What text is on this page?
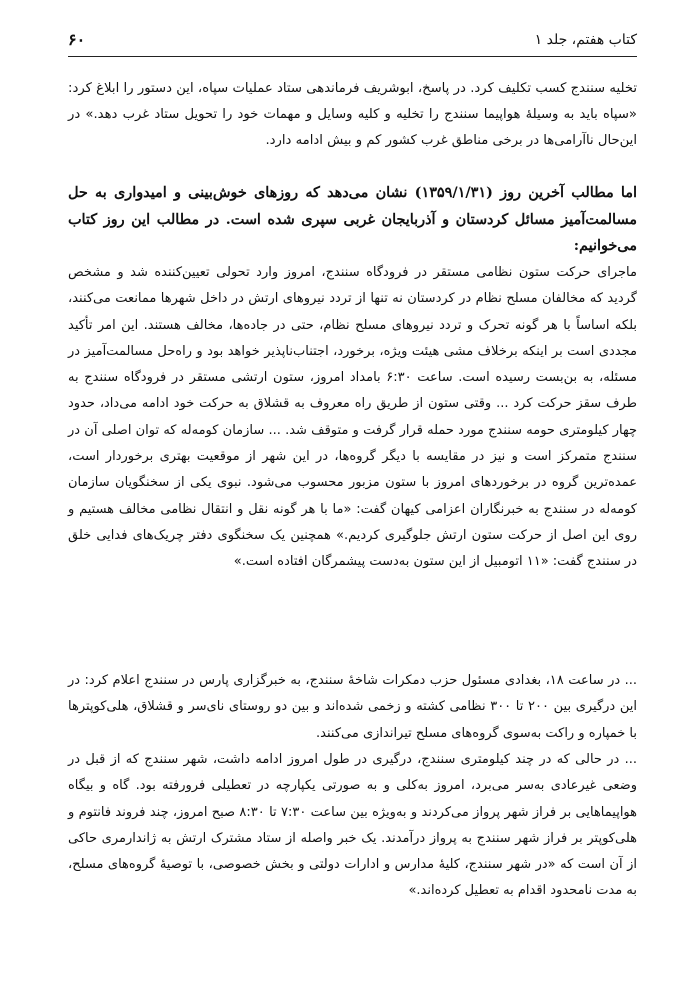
کتاب هفتم، جلد ۱
۶۰

تخلیه سنندج کسب تکلیف کرد. در پاسخ، ابوشریف فرماندهی ستاد عملیات سپاه، این دستور را ابلاغ کرد: «سپاه باید به وسیلۀ هواپیما سنندج را تخلیه و کلیه وسایل و مهمات خود را تحویل ستاد غرب دهد.» در این‌حال ناآرامی‌ها در برخی مناطق غرب کشور کم و بیش ادامه دارد.

اما مطالب آخرین روز (۱۳۵۹/۱/۳۱) نشان می‌دهد که روزهای خوش‌بینی و امیدواری به حل مسالمت‌آمیز مسائل کردستان و آذربایجان غربی سپری شده است. در مطالب این روز کتاب می‌خوانیم:

ماجرای حرکت ستون نظامی مستقر در فرودگاه سنندج، امروز وارد تحولی تعیین‌کننده شد و مشخص گردید که مخالفان مسلح نظام در کردستان نه تنها از تردد نیروهای ارتش در داخل شهرها ممانعت می‌کنند، بلکه اساساً با هر گونه تحرک و تردد نیروهای مسلح نظام، حتی در جاده‌ها، مخالف هستند. این امر تأکید مجددی است بر اینکه برخلاف مشی هیئت ویژه، برخورد، اجتناب‌ناپذیر خواهد بود و راه‌حل مسالمت‌آمیز در مسئله، به بن‌بست رسیده است. ساعت ۶:۳۰ بامداد امروز، ستون ارتشی مستقر در فرودگاه سنندج به طرف سقز حرکت کرد ... وقتی ستون از طریق راه معروف به قشلاق به حرکت خود ادامه می‌داد، حدود چهار کیلومتری حومه سنندج مورد حمله قرار گرفت و متوقف شد. ... سازمان کومه‌له که توان اصلی آن در سنندج متمرکز است و نیز در مقایسه با دیگر گروه‌ها، در این شهر از موقعیت بهتری برخوردار است، عمده‌ترین گروه در برخوردهای امروز با ستون مزبور محسوب می‌شود. نبوی یکی از سخنگویان سازمان کومه‌له در سنندج به خبرنگاران اعزامی کیهان گفت: «ما با هر گونه نقل و انتقال نظامی مخالف هستیم و روی این اصل از حرکت ستون ارتش جلوگیری کردیم.» همچنین یک سخنگوی دفتر چریک‌های فدایی خلق در سنندج گفت: «۱۱ اتومبیل از این ستون به‌دست پیشمرگان افتاده است.»

... در ساعت ۱۸، بغدادی مسئول حزب دمکرات شاخۀ سنندج، به خبرگزاری پارس در سنندج اعلام کرد: در این درگیری بین ۲۰۰ تا ۳۰۰ نظامی کشته و زخمی شده‌اند و بین دو روستای نای‌سر و قشلاق، هلی‌کوپترها با خمپاره و راکت به‌سوی گروه‌های مسلح تیراندازی می‌کنند.

... در حالی که در چند کیلومتری سنندج، درگیری در طول امروز ادامه داشت، شهر سنندج که از قبل در وضعی غیرعادی به‌سر می‌برد، امروز به‌کلی و به صورتی یکپارچه در تعطیلی فرورفته بود. گاه و بیگاه هواپیماهایی بر فراز شهر پرواز می‌کردند و به‌ویژه بین ساعت ۷:۳۰ تا ۸:۳۰ صبح امروز، چند فروند فانتوم و هلی‌کوپتر بر فراز شهر سنندج به پرواز درآمدند. یک خبر واصله از ستاد مشترک ارتش به ژاندارمری حاکی از آن است که «در شهر سنندج، کلیۀ مدارس و ادارات دولتی و بخش خصوصی، با توصیۀ گروه‌های مسلح، به مدت نامحدود اقدام به تعطیل کرده‌اند.»
